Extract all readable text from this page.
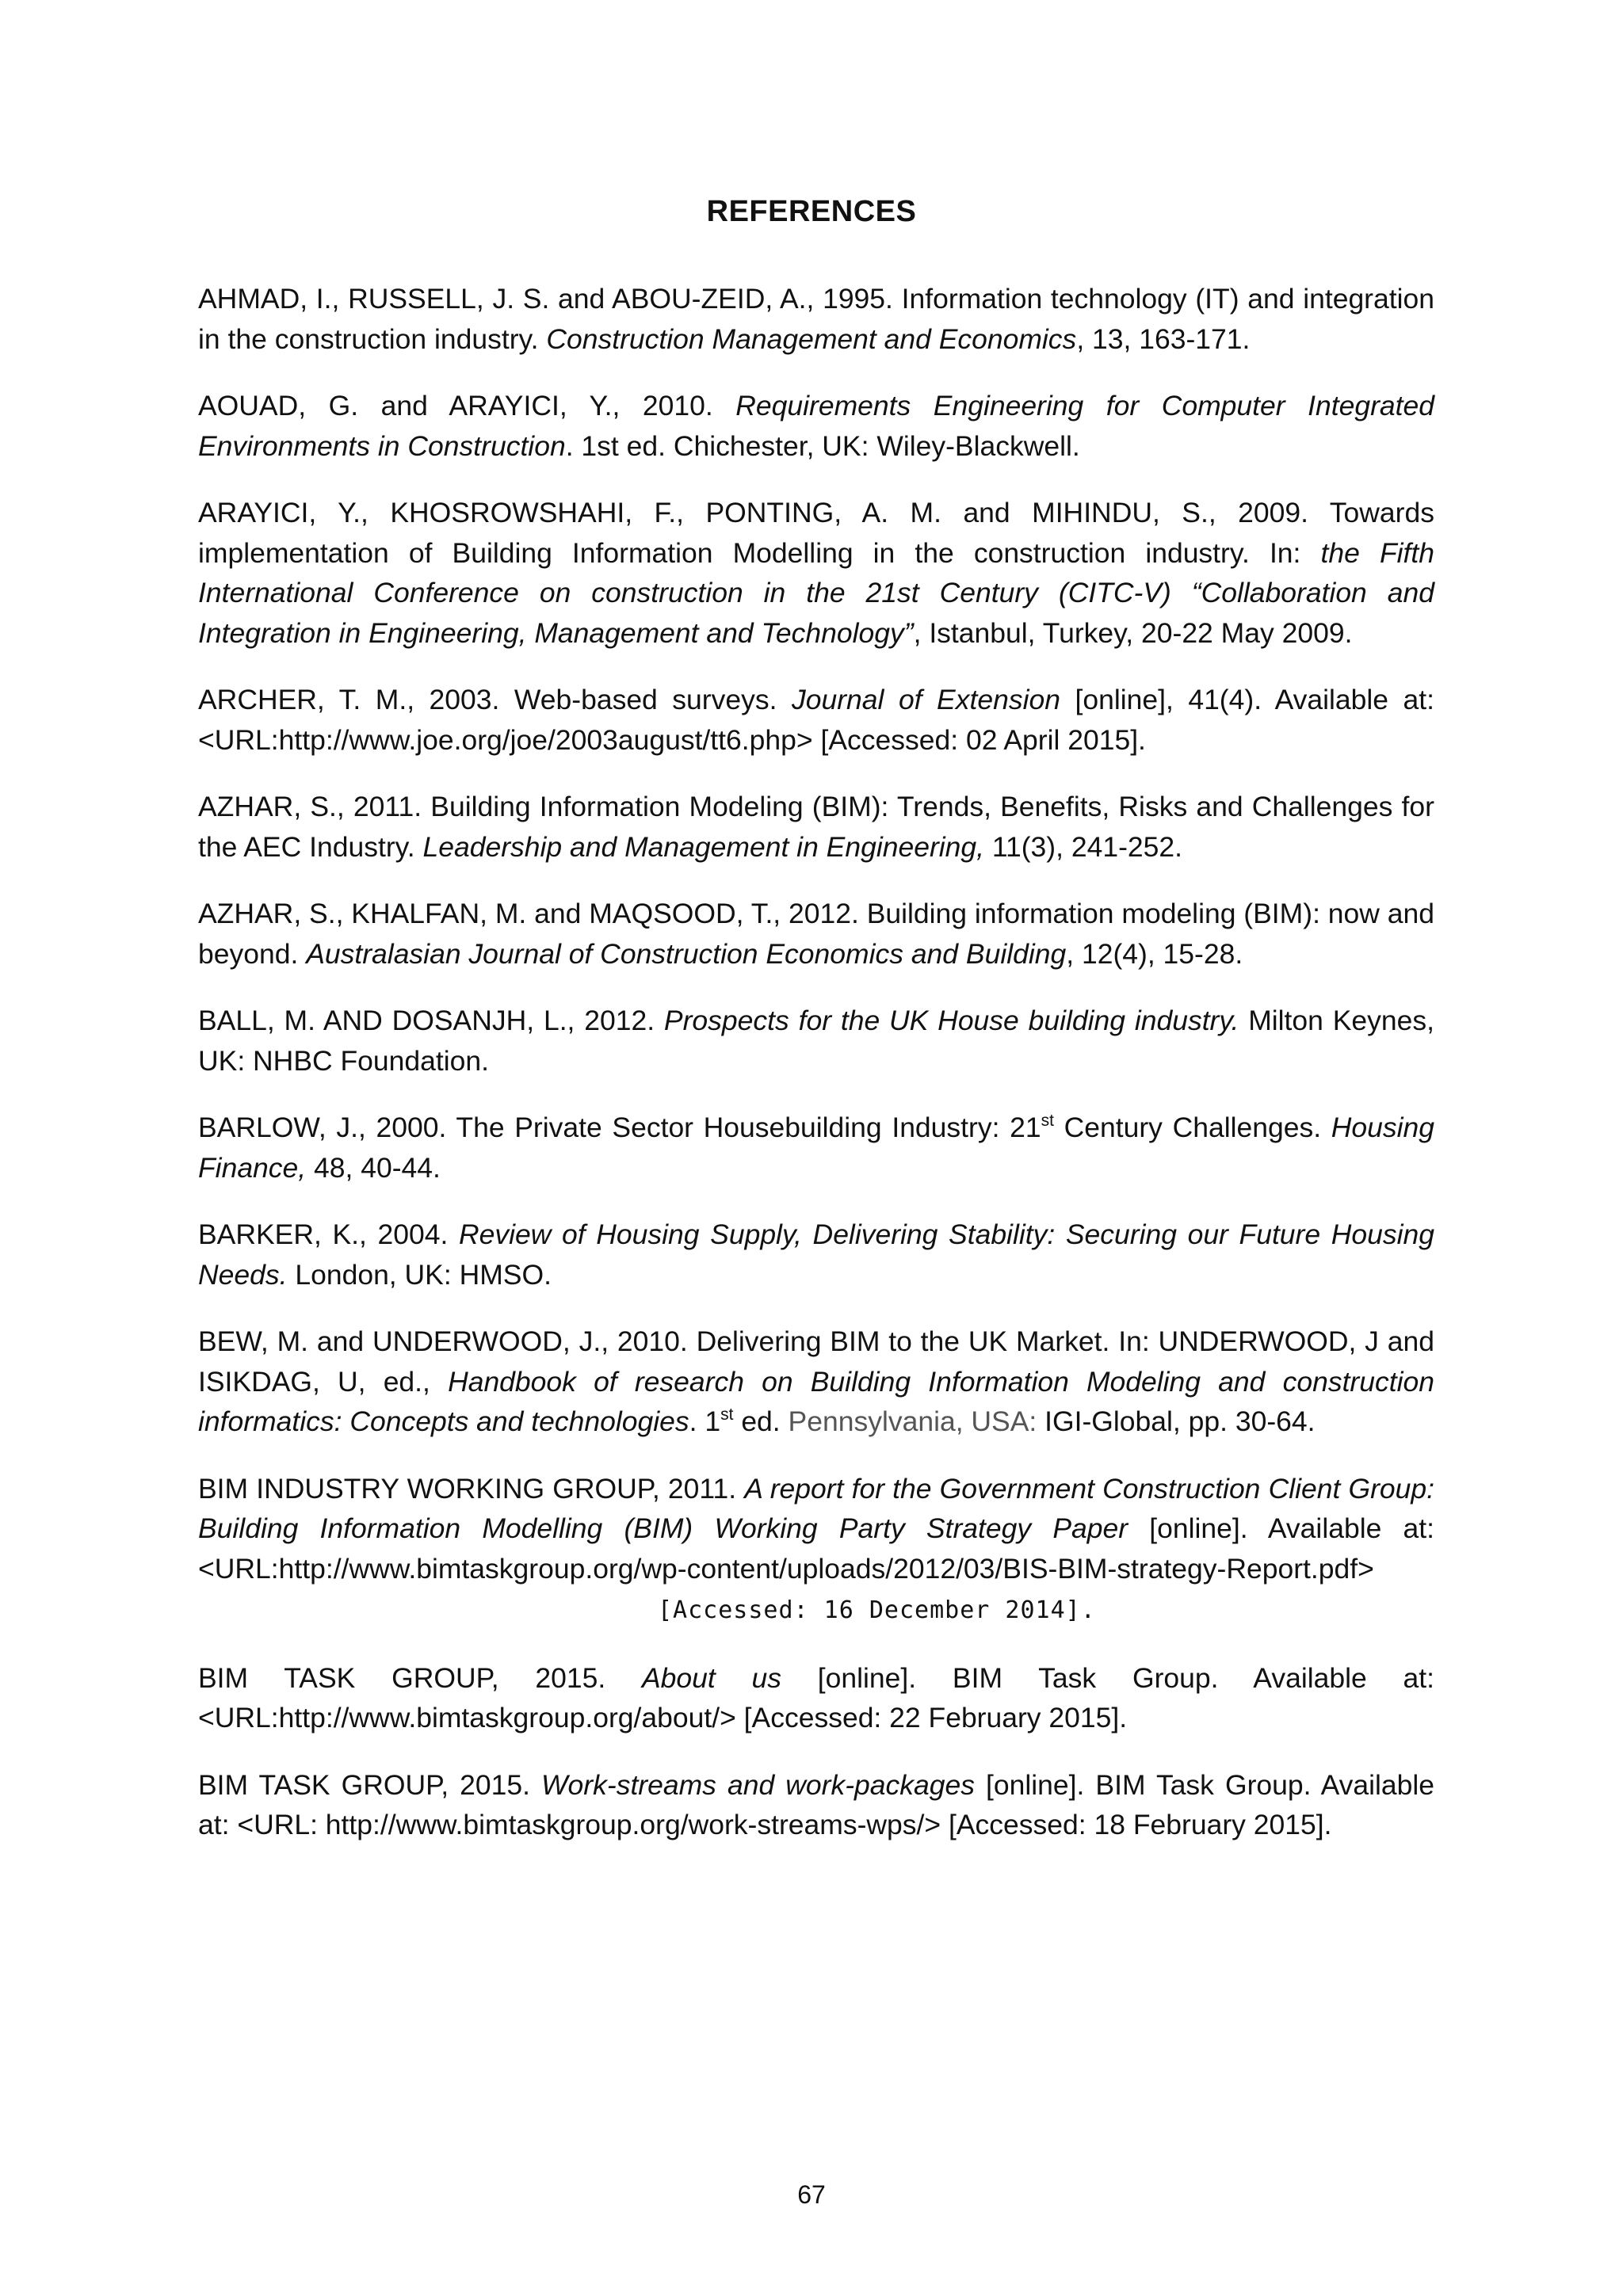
REFERENCES

AHMAD, I., RUSSELL, J. S. and ABOU-ZEID, A., 1995. Information technology (IT) and integration in the construction industry. Construction Management and Economics, 13, 163-171.

AOUAD, G. and ARAYICI, Y., 2010. Requirements Engineering for Computer Integrated Environments in Construction. 1st ed. Chichester, UK: Wiley-Blackwell.

ARAYICI, Y., KHOSROWSHAHI, F., PONTING, A. M. and MIHINDU, S., 2009. Towards implementation of Building Information Modelling in the construction industry. In: the Fifth International Conference on construction in the 21st Century (CITC-V) “Collaboration and Integration in Engineering, Management and Technology”, Istanbul, Turkey, 20-22 May 2009.

ARCHER, T. M., 2003. Web-based surveys. Journal of Extension [online], 41(4). Available at: <URL:http://www.joe.org/joe/2003august/tt6.php> [Accessed: 02 April 2015].

AZHAR, S., 2011. Building Information Modeling (BIM): Trends, Benefits, Risks and Challenges for the AEC Industry. Leadership and Management in Engineering, 11(3), 241-252.

AZHAR, S., KHALFAN, M. and MAQSOOD, T., 2012. Building information modeling (BIM): now and beyond. Australasian Journal of Construction Economics and Building, 12(4), 15-28.

BALL, M. AND DOSANJH, L., 2012. Prospects for the UK House building industry. Milton Keynes, UK: NHBC Foundation.

BARLOW, J., 2000. The Private Sector Housebuilding Industry: 21st Century Challenges. Housing Finance, 48, 40-44.

BARKER, K., 2004. Review of Housing Supply, Delivering Stability: Securing our Future Housing Needs. London, UK: HMSO.

BEW, M. and UNDERWOOD, J., 2010. Delivering BIM to the UK Market. In: UNDERWOOD, J and ISIKDAG, U, ed., Handbook of research on Building Information Modeling and construction informatics: Concepts and technologies. 1st ed. Pennsylvania, USA: IGI-Global, pp. 30-64.

BIM INDUSTRY WORKING GROUP, 2011. A report for the Government Construction Client Group: Building Information Modelling (BIM) Working Party Strategy Paper [online]. Available at: <URL:http://www.bimtaskgroup.org/wp-content/uploads/2012/03/BIS-BIM-strategy-Report.pdf>[Accessed: 16 December 2014].

BIM TASK GROUP, 2015. About us [online]. BIM Task Group. Available at: <URL:http://www.bimtaskgroup.org/about/> [Accessed: 22 February 2015].

BIM TASK GROUP, 2015. Work-streams and work-packages [online]. BIM Task Group. Available at: <URL: http://www.bimtaskgroup.org/work-streams-wps/> [Accessed: 18 February 2015].

67
